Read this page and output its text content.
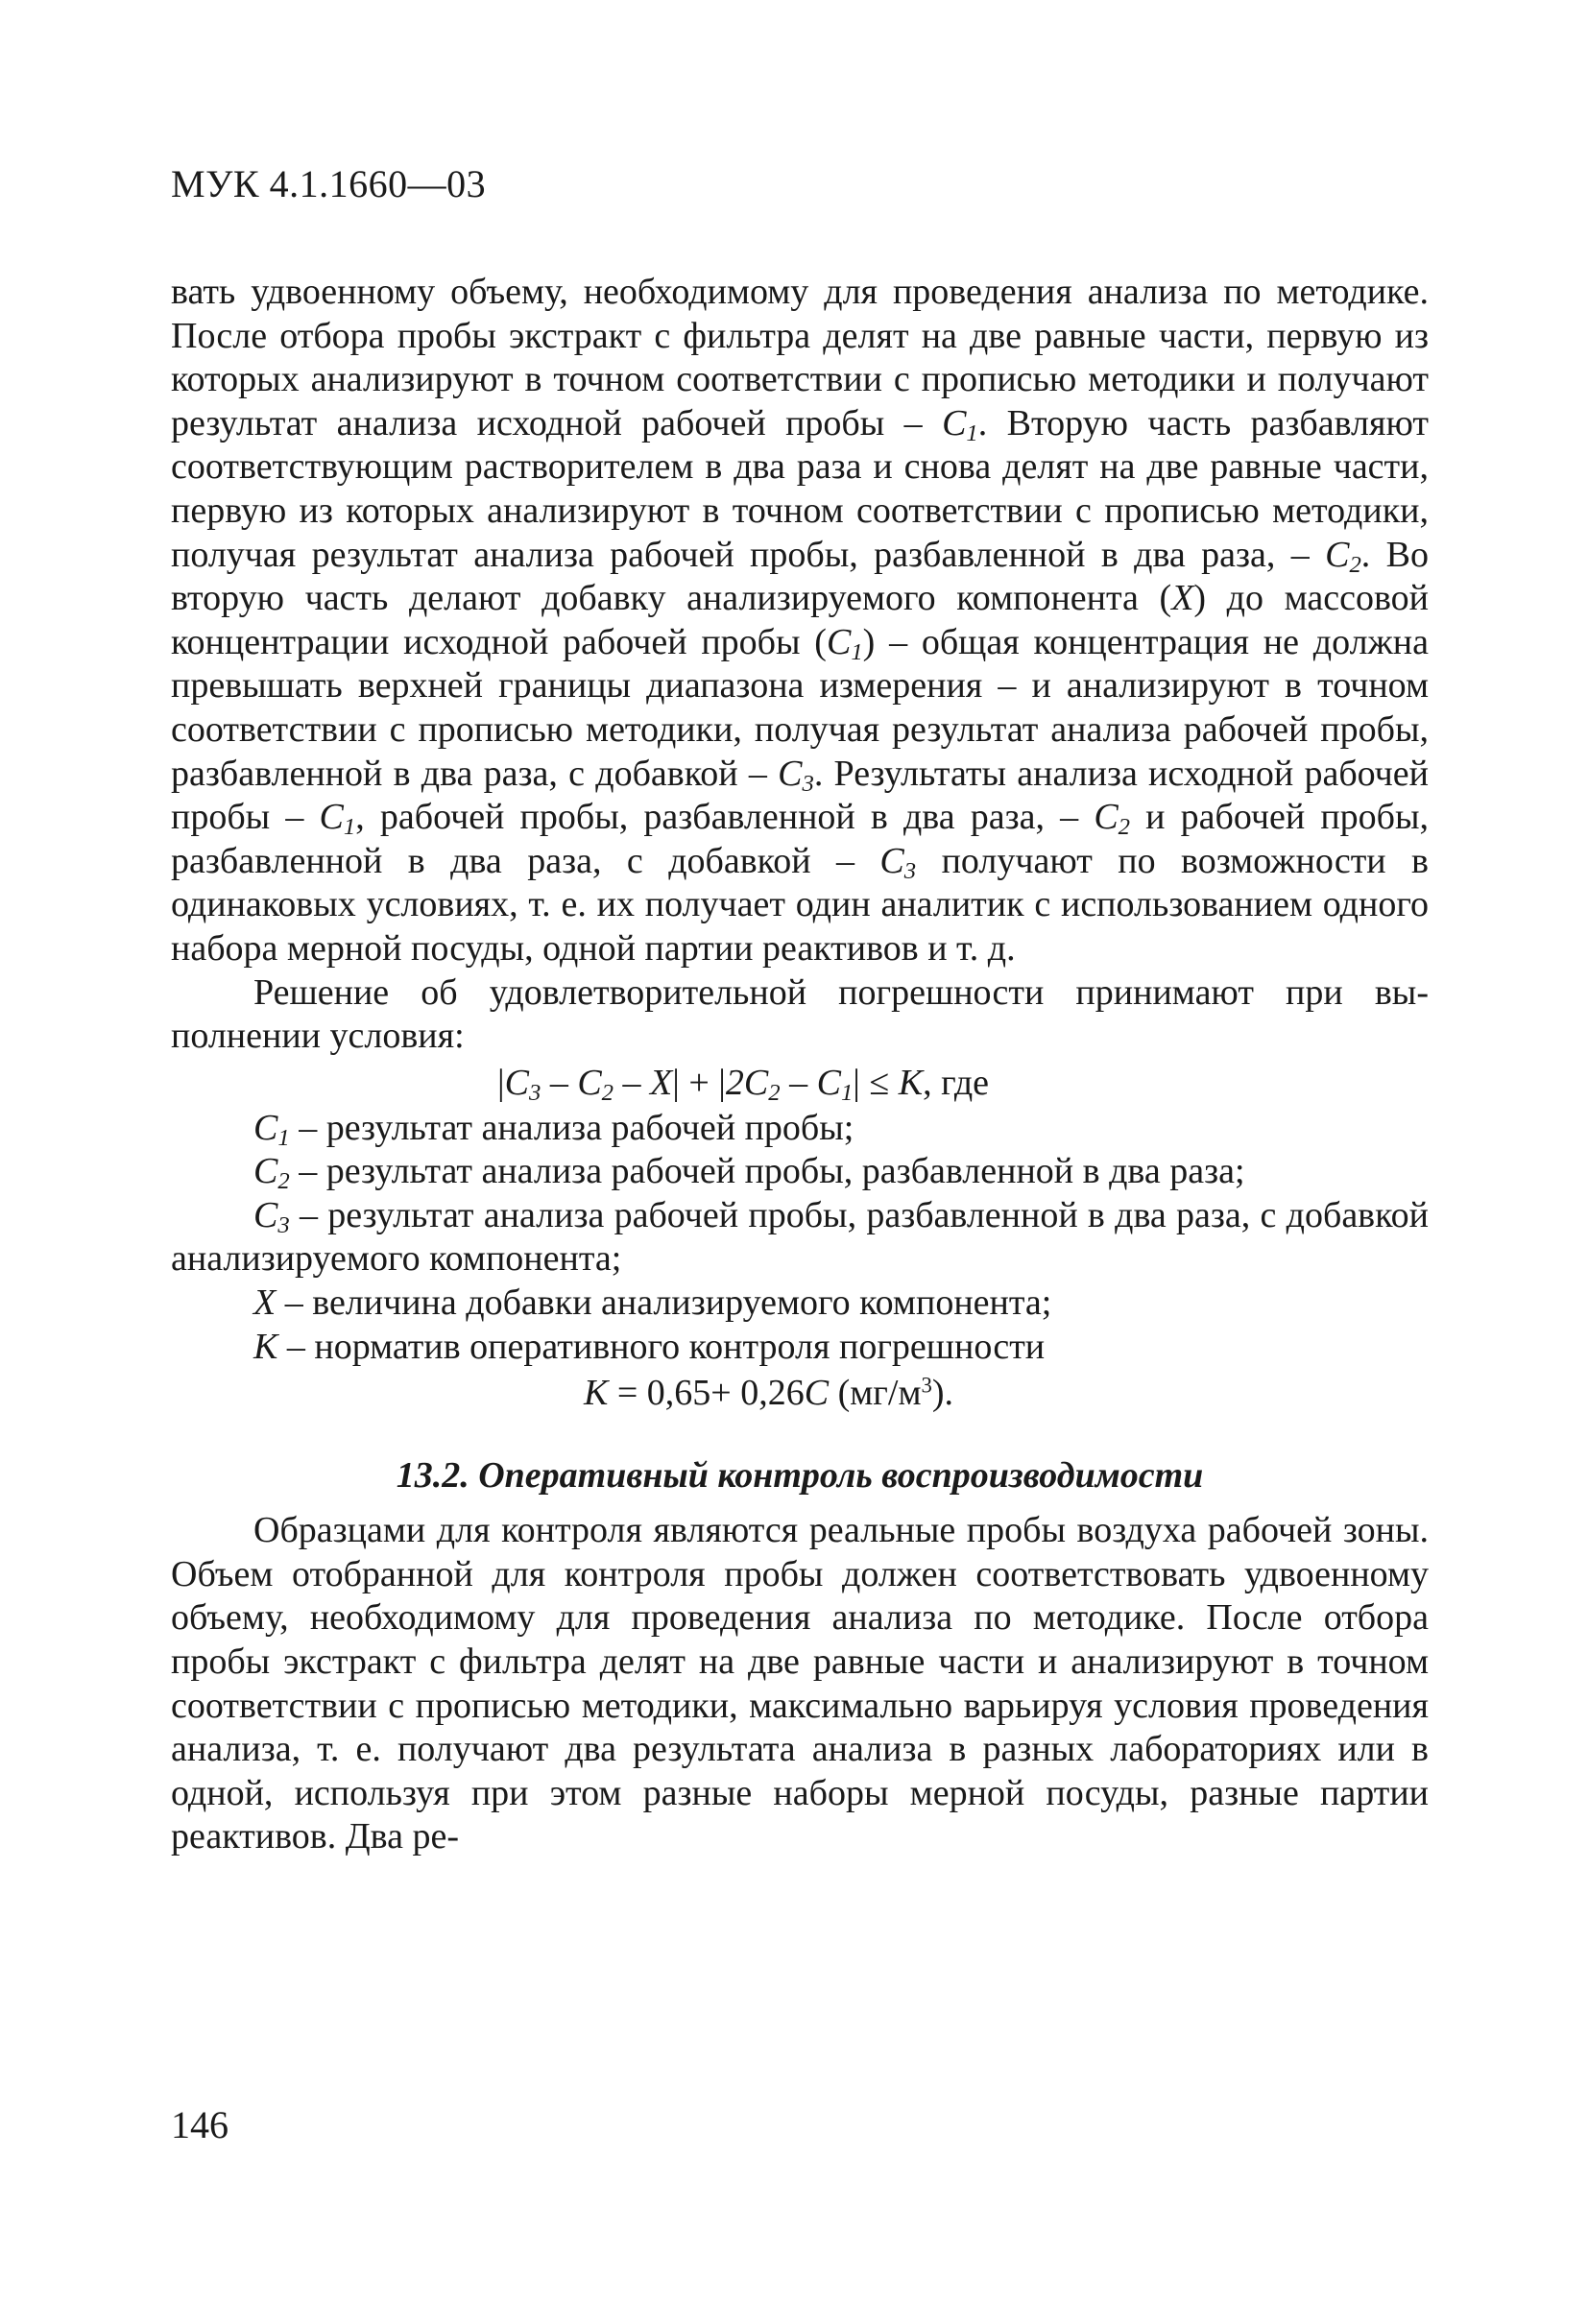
МУК 4.1.1660—03

вать удвоенному объему, необходимому для проведения анализа по методике. После отбора пробы экстракт с фильтра делят на две равные части, первую из которых анализируют в точном соответствии с прописью методики и получают результат анализа исходной рабочей пробы – $C_1$. Вторую часть разбавляют соответствующим растворителем в два раза и снова делят на две равные части, первую из которых анализируют в точном соответствии с прописью методики, получая результат анализа рабочей пробы, разбавленной в два раза, – $C_2$. Во вторую часть делают добавку анализируемого компонента (X) до массовой концентрации исходной рабочей пробы $(C_1)$ – общая концентрация не должна превышать верхней границы диапазона измерения – и анализируют в точном соответствии с прописью методики, получая результат анализа рабочей пробы, разбавленной в два раза, с добавкой – $C_3$. Результаты анализа исходной рабочей пробы – $C_1$, рабочей пробы, разбавленной в два раза, – $C_2$ и рабочей пробы, разбавленной в два раза, с добавкой – $C_3$ получают по возможности в одинаковых условиях, т. е. их получает один аналитик с использованием одного набора мерной посуды, одной партии реактивов и т. д.

Решение об удовлетворительной погрешности принимают при выполнении условия:

$|C_3 - C_2 - X| + |2C_2 - C_1| \le K$, где

$C_1$ – результат анализа рабочей пробы;

$C_2$ – результат анализа рабочей пробы, разбавленной в два раза;

$C_3$ – результат анализа рабочей пробы, разбавленной в два раза, с добавкой анализируемого компонента;

X – величина добавки анализируемого компонента;

K – норматив оперативного контроля погрешности

K = 0,65+ 0,26C $(мг/м^3)$.

13.2. Оперативный контроль воспроизводимости

Образцами для контроля являются реальные пробы воздуха рабочей зоны. Объем отобранной для контроля пробы должен соответствовать удвоенному объему, необходимому для проведения анализа по методике. После отбора пробы экстракт с фильтра делят на две равные части и анализируют в точном соответствии с прописью методики, максимально варьируя условия проведения анализа, т. е. получают два результата анализа в разных лабораториях или в одной, используя при этом разные наборы мерной посуды, разные партии реактивов. Два ре-

146
